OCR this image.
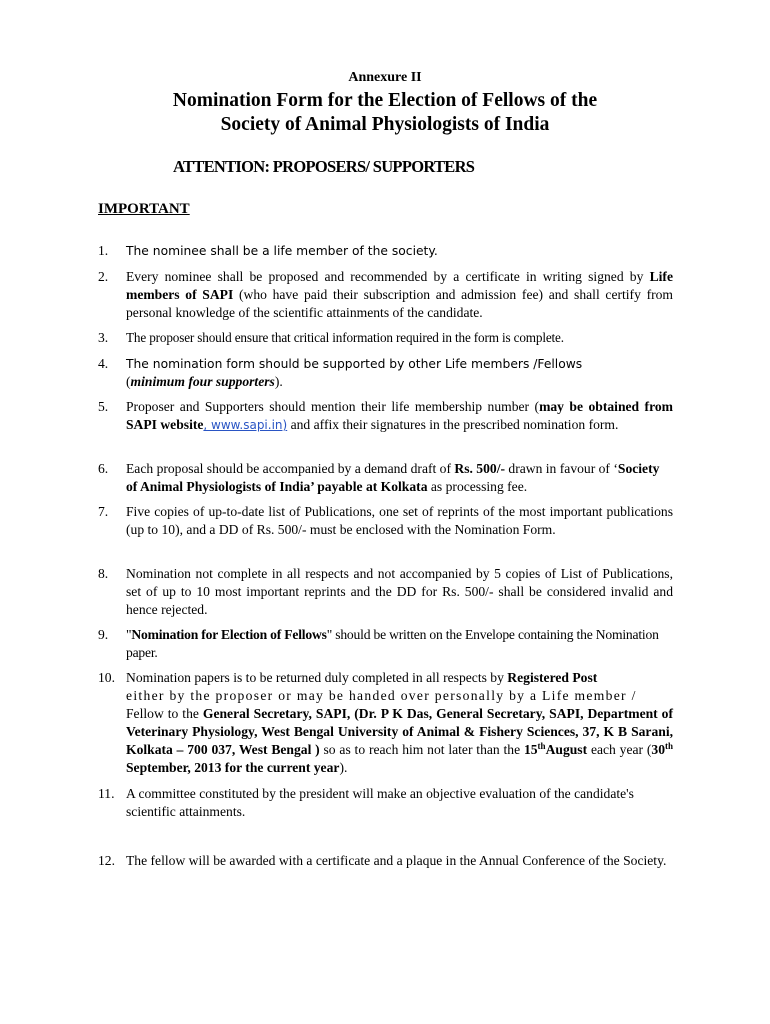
Annexure II
Nomination Form for the Election of Fellows of the
Society of Animal Physiologists of India
ATTENTION: PROPOSERS/ SUPPORTERS
IMPORTANT
1. The nominee shall be a life member of the society.
2. Every nominee shall be proposed and recommended by a certificate in writing signed by Life members of SAPI (who have paid their subscription and admission fee) and shall certify from personal knowledge of the scientific attainments of the candidate.
3. The proposer should ensure that critical information required in the form is complete.
4. The nomination form should be supported by other Life members /Fellows
(minimum four supporters).
5. Proposer and Supporters should mention their life membership number (may be obtained from SAPI website, www.sapi.in) and affix their signatures in the prescribed nomination form.
6. Each proposal should be accompanied by a demand draft of Rs. 500/- drawn in favour of ‘Society of Animal Physiologists of India’ payable at Kolkata as processing fee.
7. Five copies of up-to-date list of Publications, one set of reprints of the most important publications (up to 10), and a DD of Rs. 500/- must be enclosed with the Nomination Form.
8. Nomination not complete in all respects and not accompanied by 5 copies of List of Publications, set of up to 10 most important reprints and the DD for Rs. 500/- shall be considered invalid and hence rejected.
9. "Nomination for Election of Fellows" should be written on the Envelope containing the Nomination paper.
10. Nomination papers is to be returned duly completed in all respects by Registered Post
either by the proposer or may be handed over personally by a Life member /
Fellow to the General Secretary, SAPI, (Dr. P K Das, General Secretary, SAPI, Department of Veterinary Physiology, West Bengal University of Animal & Fishery Sciences, 37, K B Sarani, Kolkata – 700 037, West Bengal ) so as to reach him not later than the 15thAugust each year (30th September, 2013 for the current year).
11. A committee constituted by the president will make an objective evaluation of the candidate's scientific attainments.
12. The fellow will be awarded with a certificate and a plaque in the Annual Conference of the Society.
